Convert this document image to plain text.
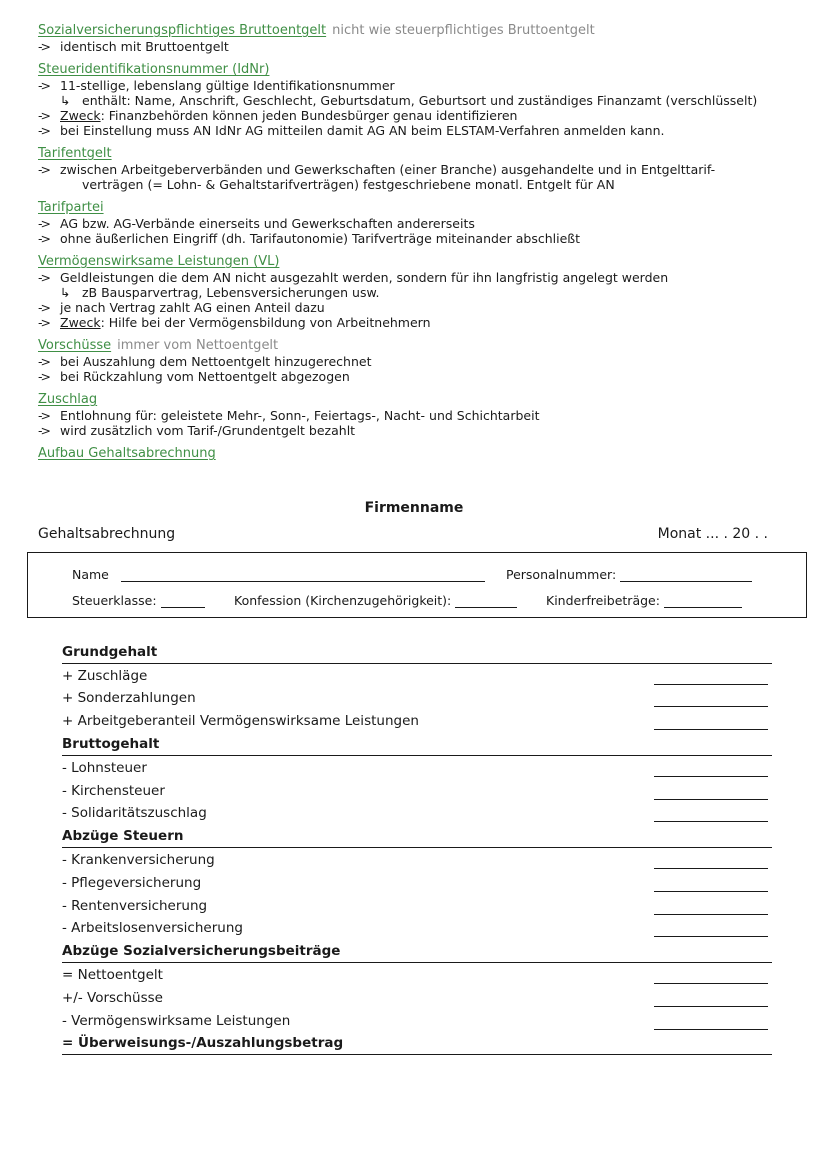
Sozialversicherungspflichtiges Bruttoentgelt nicht wie steuerpflichtiges Bruttoentgelt
-> identisch mit Bruttoentgelt
Steueridentifikationsnummer (IdNr)
-> 11-stellige, lebenslang gültige Identifikationsnummer
↳ enthält: Name, Anschrift, Geschlecht, Geburtsdatum, Geburtsort und zuständiges Finanzamt (verschlüsselt)
-> Zweck: Finanzbehörden können jeden Bundesbürger genau identifizieren
-> bei Einstellung muss AN IdNr AG mitteilen damit AG AN beim ELSTAM-Verfahren anmelden kann.
Tarifentgelt
-> zwischen Arbeitgeberverbänden und Gewerkschaften (einer Branche) ausgehandelte und in Entgelttarif-
verträgen (= Lohn- & Gehaltstarifverträgen) festgeschriebene monatl. Entgelt für AN
Tarifpartei
-> AG bzw. AG-Verbände einerseits und Gewerkschaften andererseits
-> ohne äußerlichen Eingriff (dh. Tarifautonomie) Tarifverträge miteinander abschließt
Vermögenswirksame Leistungen (VL)
-> Geldleistungen die dem AN nicht ausgezahlt werden, sondern für ihn langfristig angelegt werden
↳ zB Bausparvertrag, Lebensversicherungen usw.
-> je nach Vertrag zahlt AG einen Anteil dazu
-> Zweck: Hilfe bei der Vermögensbildung von Arbeitnehmern
Vorschüsse immer vom Nettoentgelt
-> bei Auszahlung dem Nettoentgelt hinzugerechnet
-> bei Rückzahlung vom Nettoentgelt abgezogen
Zuschlag
-> Entlohnung für: geleistete Mehr-, Sonn-, Feiertags-, Nacht- und Schichtarbeit
-> wird zusätzlich vom Tarif-/Grundentgelt bezahlt
Aufbau Gehaltsabrechnung
Firmenname
Gehaltsabrechnung	Monat ... . 20 . .
Name	Personalnummer:
Steuerklasse:	Konfession (Kirchenzugehörigkeit):	Kinderfreibeträge:
Grundgehalt
+ Zuschläge
+ Sonderzahlungen
+ Arbeitgeberanteil Vermögenswirksame Leistungen
Bruttogehalt
- Lohnsteuer
- Kirchensteuer
- Solidaritätszuschlag
Abzüge Steuern
- Krankenversicherung
- Pflegeversicherung
- Rentenversicherung
- Arbeitslosenversicherung
Abzüge Sozialversicherungsbeiträge
= Nettoentgelt
+/- Vorschüsse
- Vermögenswirksame Leistungen
= Überweisungs-/Auszahlungsbetrag
